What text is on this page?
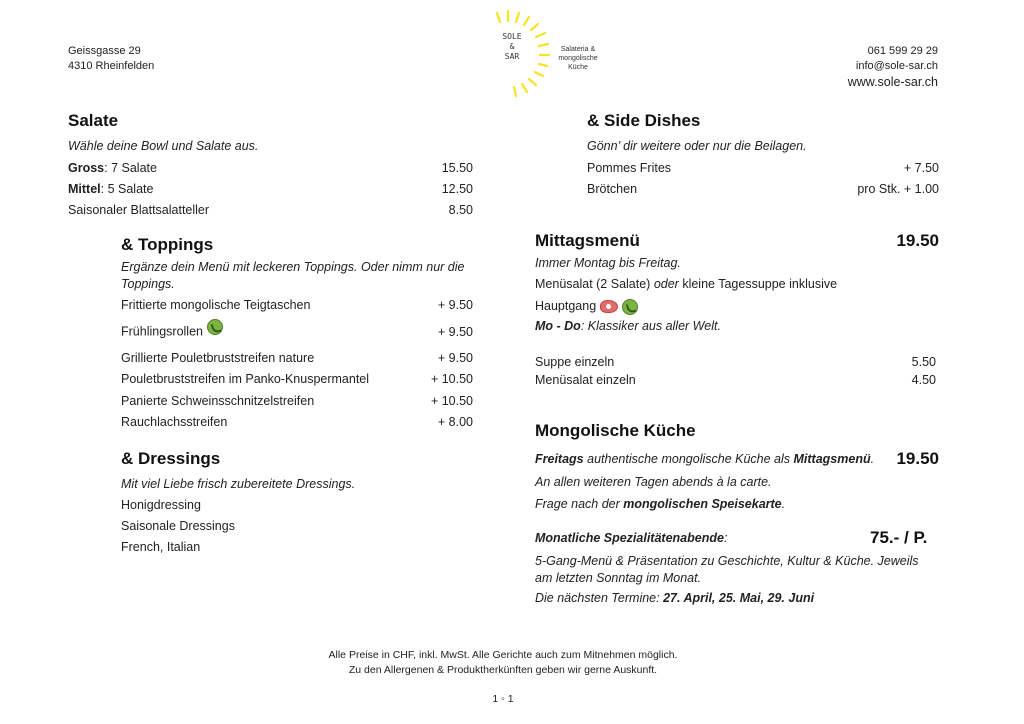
Geissgasse 29
4310 Rheinfelden
SOLE
&
SAR
Salateria &
mongolische
Küche
061 599 29 29
info@sole-sar.ch
www.sole-sar.ch
Salate
Wähle deine Bowl und Salate aus.
Gross: 7 Salate	15.50
Mittel: 5 Salate	12.50
Saisonaler Blattsalatteller	8.50
& Toppings
Ergänze dein Menü mit leckeren Toppings. Oder nimm nur die Toppings.
Frittierte mongolische Teigtaschen	+ 9.50
Frühlingsrollen	+ 9.50
Grillierte Pouletbruststreifen nature	+ 9.50
Pouletbruststreifen im Panko-Knuspermantel	+ 10.50
Panierte Schweinsschnitzelstreifen	+ 10.50
Rauchlachsstreifen	+ 8.00
& Dressings
Mit viel Liebe frisch zubereitete Dressings.
Honigdressing
Saisonale Dressings
French, Italian
& Side Dishes
Gönn’ dir weitere oder nur die Beilagen.
Pommes Frites	+ 7.50
Brötchen	pro Stk. + 1.00
Mittagsmenü	19.50
Immer Montag bis Freitag.
Menüsalat (2 Salate) oder kleine Tagessuppe inklusive
Hauptgang
Mo - Do: Klassiker aus aller Welt.
Suppe einzeln	5.50
Menüsalat einzeln	4.50
Mongolische Küche
Freitags authentische mongolische Küche als Mittagsmenü. 19.50
An allen weiteren Tagen abends à la carte.
Frage nach der mongolischen Speisekarte.
Monatliche Spezialitätenabende:	75.- / P.
5-Gang-Menü & Präsentation zu Geschichte, Kultur & Küche. Jeweils am letzten Sonntag im Monat.
Die nächsten Termine: 27. April, 25. Mai, 29. Juni
Alle Preise in CHF, inkl. MwSt. Alle Gerichte auch zum Mitnehmen möglich.
Zu den Allergenen & Produktherkünften geben wir gerne Auskunft.
1 ◦ 1
